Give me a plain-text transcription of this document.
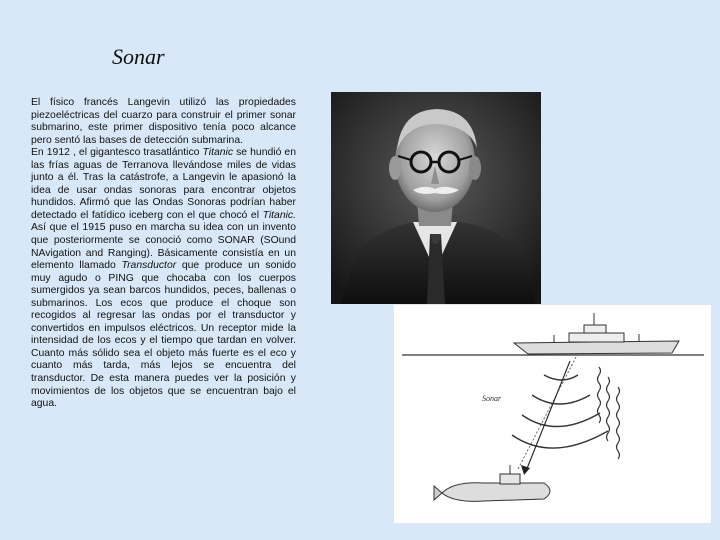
Sonar

El físico francés Langevin utilizó las propiedades piezoeléctricas del cuarzo para construir el primer sonar submarino, este primer dispositivo tenía poco alcance pero sentó las bases de detección submarina.

En 1912 , el gigantesco trasatlántico Titanic se hundió en las frías aguas de Terranova llevándose miles de vidas junto a él. Tras la catástrofe, a Langevin le apasionó la idea de usar ondas sonoras para encontrar objetos hundidos. Afirmó que las Ondas Sonoras podrían haber detectado el fatídico iceberg con el que chocó el Titanic. Así que el 1915 puso en marcha su idea con un invento que posteriormente se conoció como SONAR (SOund NAvigation and Ranging). Básicamente consistía en un elemento llamado Transductor que produce un sonido muy agudo o PING que chocaba con los cuerpos sumergidos ya sean barcos hundidos, peces, ballenas o submarinos. Los ecos que produce el choque son recogidos al regresar las ondas por el transductor y convertidos en impulsos eléctricos. Un receptor mide la intensidad de los ecos y el tiempo que tardan en volver. Cuanto más sólido sea el objeto más fuerte es el eco y cuanto más tarda, más lejos se encuentra del transductor. De esta manera puedes ver la posición y movimientos de los objetos que se encuentran bajo el agua.	Sonar
